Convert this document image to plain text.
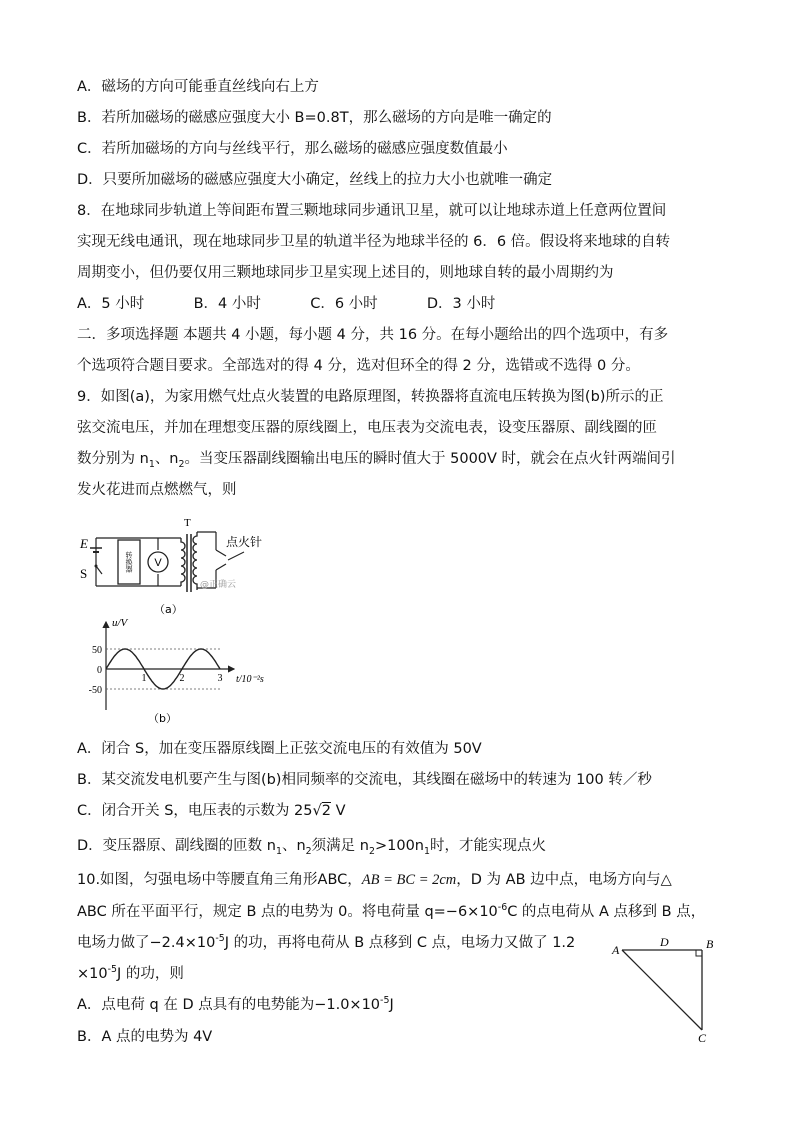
A．磁场的方向可能垂直丝线向右上方
B．若所加磁场的磁感应强度大小 B=0.8T，那么磁场的方向是唯一确定的
C．若所加磁场的方向与丝线平行，那么磁场的磁感应强度数值最小
D．只要所加磁场的磁感应强度大小确定，丝线上的拉力大小也就唯一确定
8．在地球同步轨道上等间距布置三颗地球同步通讯卫星，就可以让地球赤道上任意两位置间
实现无线电通讯，现在地球同步卫星的轨道半径为地球半径的 6．6 倍。假设将来地球的自转
周期变小，但仍要仅用三颗地球同步卫星实现上述目的，则地球自转的最小周期约为
A．5 小时	B．4 小时	C．6 小时	D．3 小时
二．多项选择题 本题共 4 小题，每小题 4 分，共 16 分。在每小题给出的四个选项中，有多
个选项符合题目要求。全部选对的得 4 分，选对但环全的得 2 分，选错或不选得 0 分。
9．如图(a)，为家用燃气灶点火装置的电路原理图，转换器将直流电压转换为图(b)所示的正
弦交流电压，并加在理想变压器的原线圈上，电压表为交流电表，设变压器原、副线圈的匝
数分别为 $n_1$、$n_2$。当变压器副线圈输出电压的瞬时值大于 5000V 时，就会在点火针两端间引
发火花进而点燃燃气，则
E
S
T
V
转换器
点火针
@正确云
（a）
u/V
t/10⁻²s
50
0
-50
1	2	3
（b）
A．闭合 S，加在变压器原线圈上正弦交流电压的有效值为 50V
B．某交流发电机要产生与图(b)相同频率的交流电，其线圈在磁场中的转速为 100 转／秒
C．闭合开关 S，电压表的示数为 25√2 V
D．变压器原、副线圈的匝数 $n_1$、$n_2$须满足 $n_2>100n_1$时，才能实现点火
10.如图，匀强电场中等腰直角三角形ABC，AB = BC = 2cm，D 为 AB 边中点，电场方向与△
ABC 所在平面平行，规定 B 点的电势为 0。将电荷量 $q=-6\times 10^{-6}C$ 的点电荷从 A 点移到 B 点，
电场力做了$-2.4\times 10^{-5}J$ 的功，再将电荷从 B 点移到 C 点，电场力又做了 1.2
$\times 10^{-5}J$ 的功，则
A．点电荷 q 在 D 点具有的电势能为$-1.0\times 10^{-5}J$
B．A 点的电势为 4V
A	B
C
D
